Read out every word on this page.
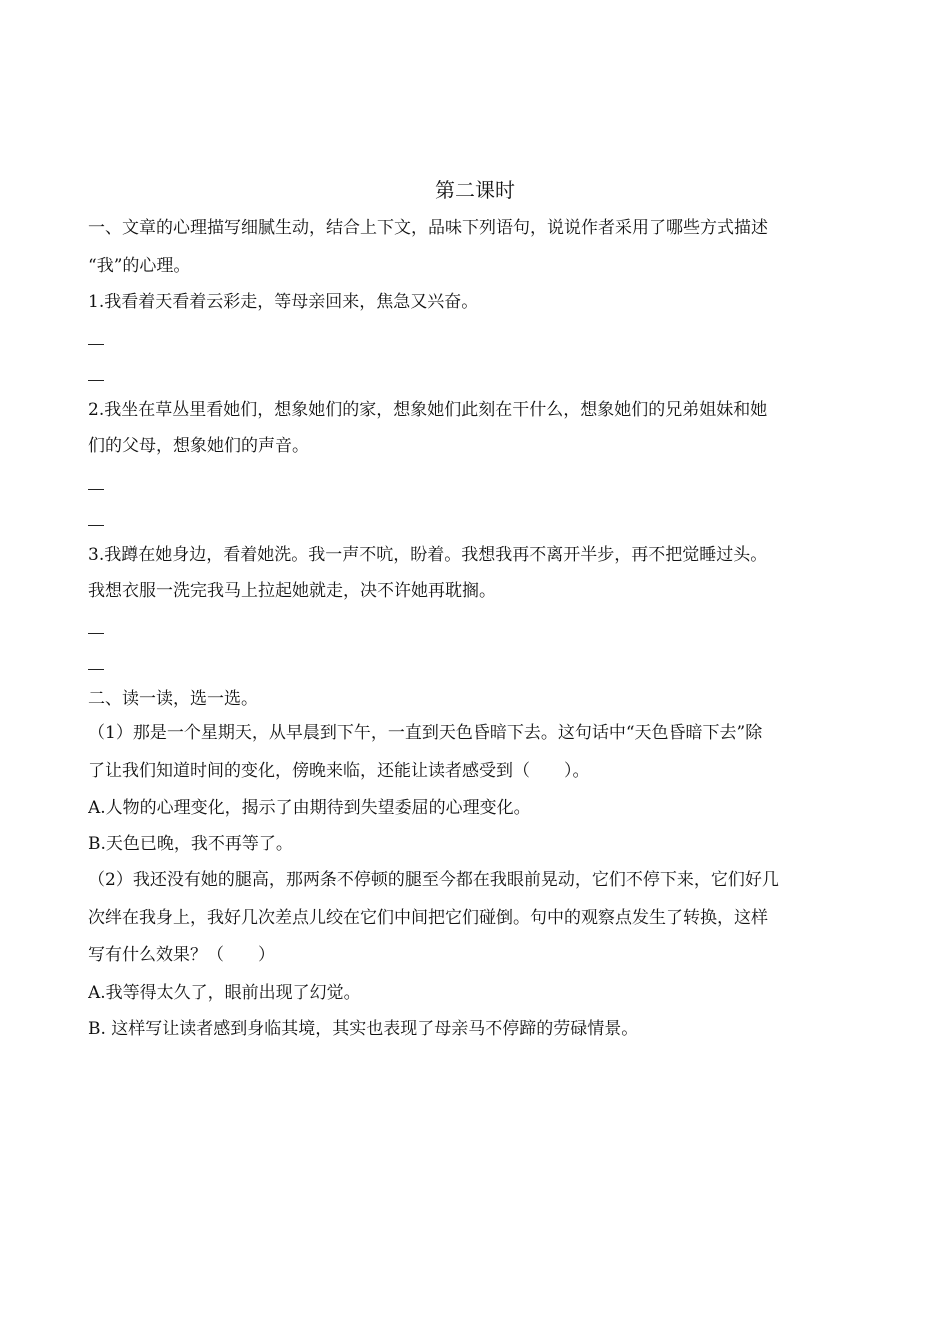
第二课时
一、文章的心理描写细腻生动，结合上下文，品味下列语句，说说作者采用了哪些方式描述
“我”的心理。
1.我看着天看着云彩走，等母亲回来，焦急又兴奋。
2.我坐在草丛里看她们，想象她们的家，想象她们此刻在干什么，想象她们的兄弟姐妹和她
们的父母，想象她们的声音。
3.我蹲在她身边，看着她洗。我一声不吭，盼着。我想我再不离开半步，再不把觉睡过头。
我想衣服一洗完我马上拉起她就走，决不许她再耽搁。
二、读一读，选一选。
（1）那是一个星期天，从早晨到下午，一直到天色昏暗下去。这句话中“天色昏暗下去”除
了让我们知道时间的变化，傍晚来临，还能让读者感受到（　　）。
A.人物的心理变化，揭示了由期待到失望委屈的心理变化。
B.天色已晚，我不再等了。
（2）我还没有她的腿高，那两条不停顿的腿至今都在我眼前晃动，它们不停下来，它们好几
次绊在我身上，我好几次差点儿绞在它们中间把它们碰倒。句中的观察点发生了转换，这样
写有什么效果？（　　）
A.我等得太久了，眼前出现了幻觉。
B. 这样写让读者感到身临其境，其实也表现了母亲马不停蹄的劳碌情景。
